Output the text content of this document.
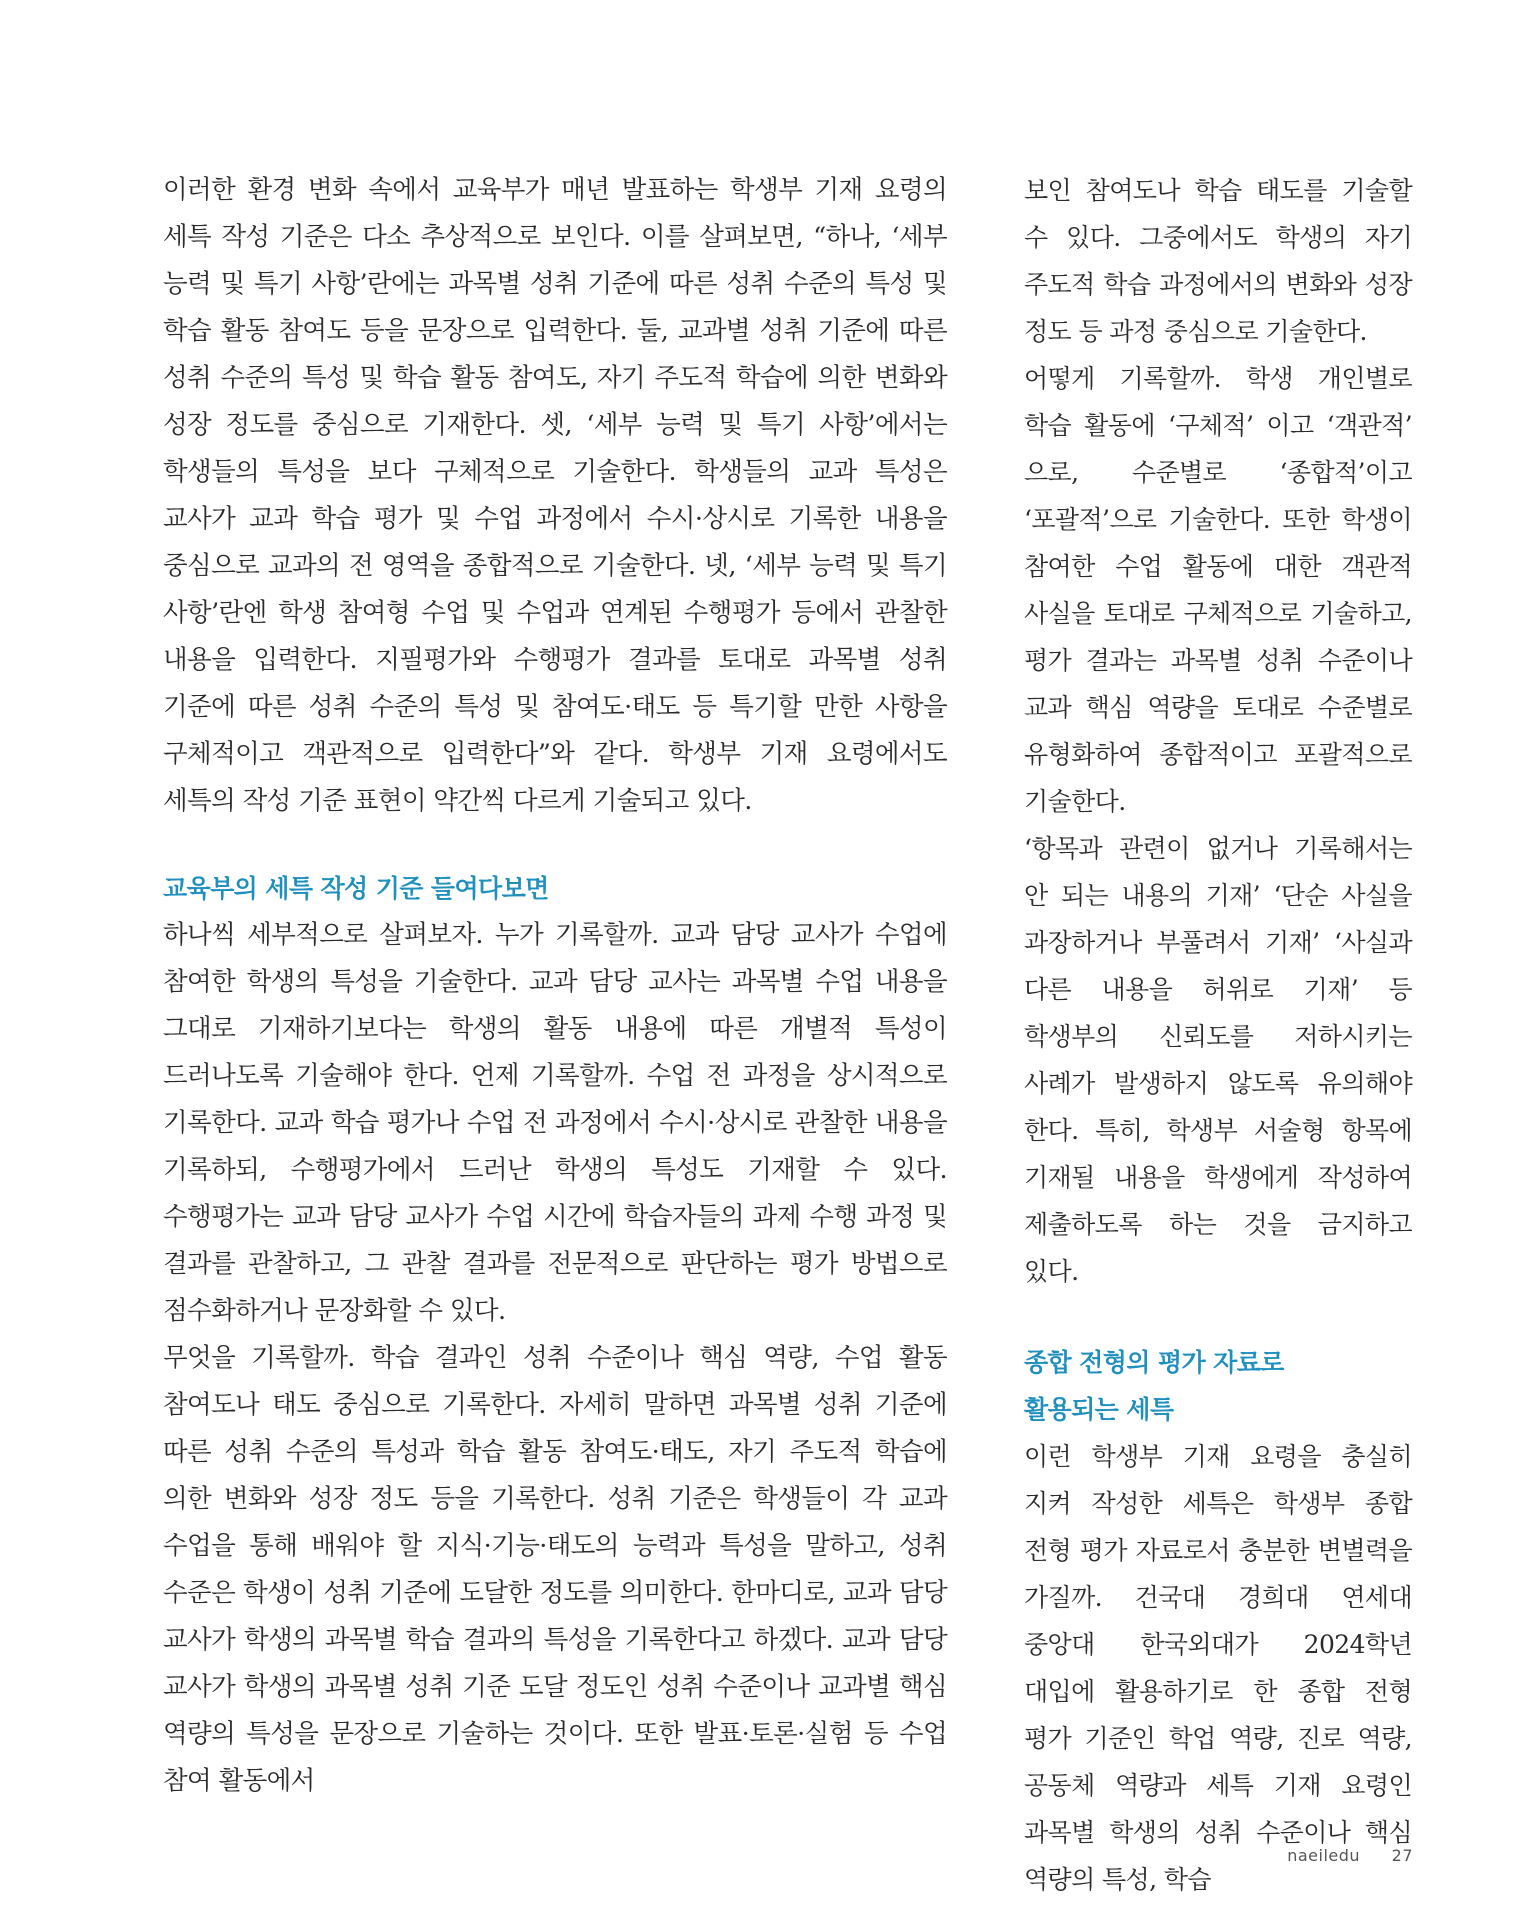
이러한 환경 변화 속에서 교육부가 매년 발표하는 학생부 기재 요령의 세특 작성 기준은 다소 추상적으로 보인다. 이를 살펴보면, “하나, ‘세부 능력 및 특기 사항’란에는 과목별 성취 기준에 따른 성취 수준의 특성 및 학습 활동 참여도 등을 문장으로 입력한다. 둘, 교과별 성취 기준에 따른 성취 수준의 특성 및 학습 활동 참여도, 자기 주도적 학습에 의한 변화와 성장 정도를 중심으로 기재한다. 셋, ‘세부 능력 및 특기 사항’에서는 학생들의 특성을 보다 구체적으로 기술한다. 학생들의 교과 특성은 교사가 교과 학습 평가 및 수업 과정에서 수시·상시로 기록한 내용을 중심으로 교과의 전 영역을 종합적으로 기술한다. 넷, ‘세부 능력 및 특기 사항’란엔 학생 참여형 수업 및 수업과 연계된 수행평가 등에서 관찰한 내용을 입력한다. 지필평가와 수행평가 결과를 토대로 과목별 성취 기준에 따른 성취 수준의 특성 및 참여도·태도 등 특기할 만한 사항을 구체적이고 객관적으로 입력한다”와 같다. 학생부 기재 요령에서도 세특의 작성 기준 표현이 약간씩 다르게 기술되고 있다.

교육부의 세특 작성 기준 들여다보면

하나씩 세부적으로 살펴보자. 누가 기록할까. 교과 담당 교사가 수업에 참여한 학생의 특성을 기술한다. 교과 담당 교사는 과목별 수업 내용을 그대로 기재하기보다는 학생의 활동 내용에 따른 개별적 특성이 드러나도록 기술해야 한다. 언제 기록할까. 수업 전 과정을 상시적으로 기록한다. 교과 학습 평가나 수업 전 과정에서 수시·상시로 관찰한 내용을 기록하되, 수행평가에서 드러난 학생의 특성도 기재할 수 있다. 수행평가는 교과 담당 교사가 수업 시간에 학습자들의 과제 수행 과정 및 결과를 관찰하고, 그 관찰 결과를 전문적으로 판단하는 평가 방법으로 점수화하거나 문장화할 수 있다.

무엇을 기록할까. 학습 결과인 성취 수준이나 핵심 역량, 수업 활동 참여도나 태도 중심으로 기록한다. 자세히 말하면 과목별 성취 기준에 따른 성취 수준의 특성과 학습 활동 참여도·태도, 자기 주도적 학습에 의한 변화와 성장 정도 등을 기록한다. 성취 기준은 학생들이 각 교과 수업을 통해 배워야 할 지식·기능·태도의 능력과 특성을 말하고, 성취 수준은 학생이 성취 기준에 도달한 정도를 의미한다. 한마디로, 교과 담당 교사가 학생의 과목별 학습 결과의 특성을 기록한다고 하겠다. 교과 담당 교사가 학생의 과목별 성취 기준 도달 정도인 성취 수준이나 교과별 핵심 역량의 특성을 문장으로 기술하는 것이다. 또한 발표·토론·실험 등 수업 참여 활동에서

보인 참여도나 학습 태도를 기술할 수 있다. 그중에서도 학생의 자기 주도적 학습 과정에서의 변화와 성장 정도 등 과정 중심으로 기술한다.

어떻게 기록할까. 학생 개인별로 학습 활동에 ‘구체적’ 이고 ‘객관적’ 으로, 수준별로 ‘종합적’이고 ‘포괄적’으로 기술한다. 또한 학생이 참여한 수업 활동에 대한 객관적 사실을 토대로 구체적으로 기술하고, 평가 결과는 과목별 성취 수준이나 교과 핵심 역량을 토대로 수준별로 유형화하여 종합적이고 포괄적으로 기술한다.

‘항목과 관련이 없거나 기록해서는 안 되는 내용의 기재’ ‘단순 사실을 과장하거나 부풀려서 기재’ ‘사실과 다른 내용을 허위로 기재’ 등 학생부의 신뢰도를 저하시키는 사례가 발생하지 않도록 유의해야 한다. 특히, 학생부 서술형 항목에 기재될 내용을 학생에게 작성하여 제출하도록 하는 것을 금지하고 있다.

종합 전형의 평가 자료로
활용되는 세특

이런 학생부 기재 요령을 충실히 지켜 작성한 세특은 학생부 종합 전형 평가 자료로서 충분한 변별력을 가질까. 건국대 경희대 연세대 중앙대 한국외대가 2024학년 대입에 활용하기로 한 종합 전형 평가 기준인 학업 역량, 진로 역량, 공동체 역량과 세특 기재 요령인 과목별 학생의 성취 수준이나 핵심 역량의 특성, 학습

naeiledu 27
